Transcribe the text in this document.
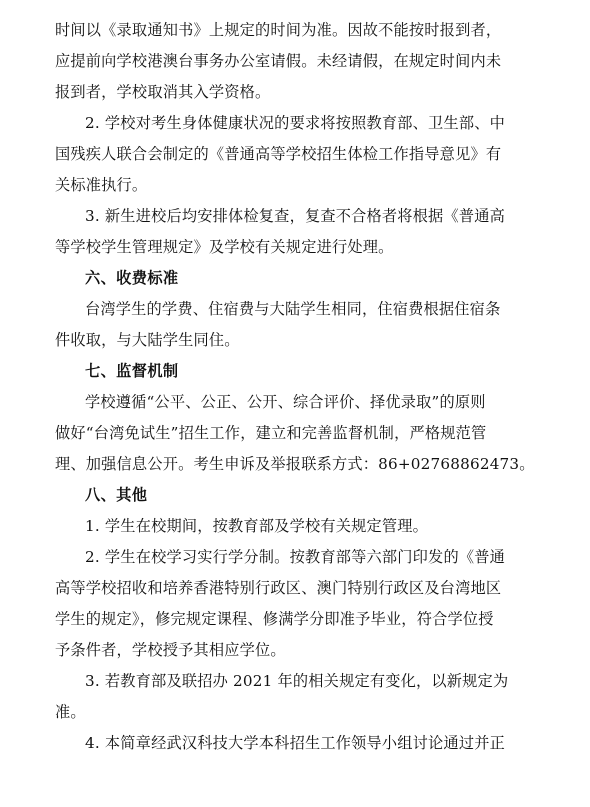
时间以《录取通知书》上规定的时间为准。因故不能按时报到者，
应提前向学校港澳台事务办公室请假。未经请假，在规定时间内未
报到者，学校取消其入学资格。
2. 学校对考生身体健康状况的要求将按照教育部、卫生部、中
国残疾人联合会制定的《普通高等学校招生体检工作指导意见》有
关标准执行。
3. 新生进校后均安排体检复查，复查不合格者将根据《普通高
等学校学生管理规定》及学校有关规定进行处理。
六、收费标准
台湾学生的学费、住宿费与大陆学生相同，住宿费根据住宿条
件收取，与大陆学生同住。
七、监督机制
学校遵循“公平、公正、公开、综合评价、择优录取”的原则
做好“台湾免试生”招生工作，建立和完善监督机制，严格规范管
理、加强信息公开。考生申诉及举报联系方式：86+02768862473。
八、其他
1. 学生在校期间，按教育部及学校有关规定管理。
2. 学生在校学习实行学分制。按教育部等六部门印发的《普通
高等学校招收和培养香港特别行政区、澳门特别行政区及台湾地区
学生的规定》，修完规定课程、修满学分即准予毕业，符合学位授
予条件者，学校授予其相应学位。
3. 若教育部及联招办 2021 年的相关规定有变化，以新规定为
准。
4. 本简章经武汉科技大学本科招生工作领导小组讨论通过并正
